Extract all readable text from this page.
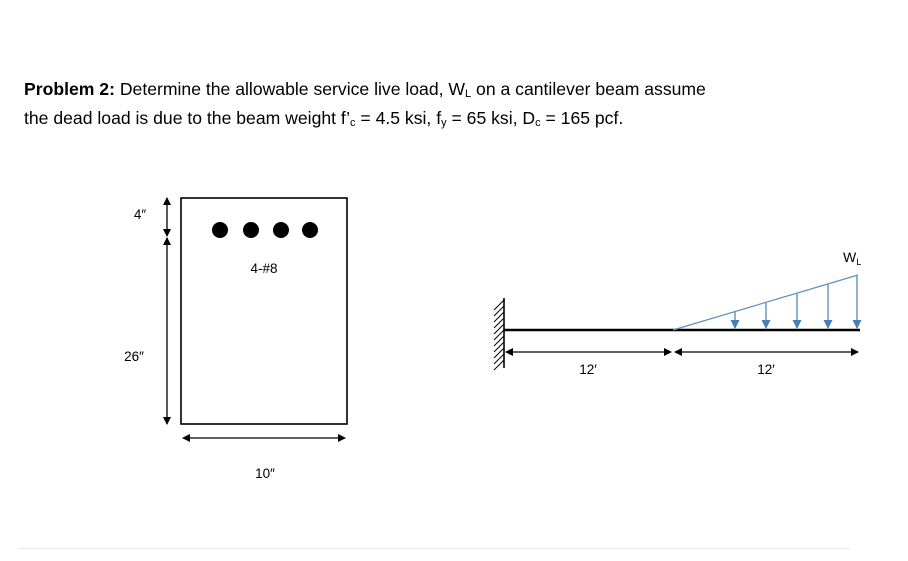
Problem 2: Determine the allowable service live load, WL on a cantilever beam assume
the dead load is due to the beam weight f’c = 4.5 ksi, fy = 65 ksi, Dc = 165 pcf.

4-#8
4″
26″
10″
$W_L$
12′	12′
